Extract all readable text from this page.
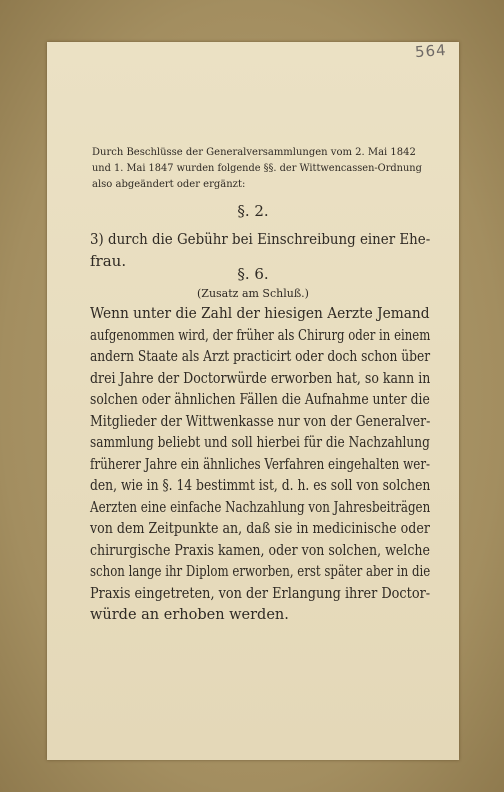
564
Durch Beschlüsse der Generalversammlungen vom 2. Mai 1842
und 1. Mai 1847 wurden folgende §§. der Wittwencassen-Ordnung
also abgeändert oder ergänzt:
§. 2.
3) durch die Gebühr bei Einschreibung einer Ehe-
frau.
§. 6.
(Zusatz am Schluß.)
Wenn unter die Zahl der hiesigen Aerzte Jemand
aufgenommen wird, der früher als Chirurg oder in einem
andern Staate als Arzt practicirt oder doch schon über
drei Jahre der Doctorwürde erworben hat, so kann in
solchen oder ähnlichen Fällen die Aufnahme unter die
Mitglieder der Wittwenkasse nur von der Generalver-
sammlung beliebt und soll hierbei für die Nachzahlung
früherer Jahre ein ähnliches Verfahren eingehalten wer-
den, wie in §. 14 bestimmt ist, d. h. es soll von solchen
Aerzten eine einfache Nachzahlung von Jahresbeiträgen
von dem Zeitpunkte an, daß sie in medicinische oder
chirurgische Praxis kamen, oder von solchen, welche
schon lange ihr Diplom erworben, erst später aber in die
Praxis eingetreten, von der Erlangung ihrer Doctor-
würde an erhoben werden.
